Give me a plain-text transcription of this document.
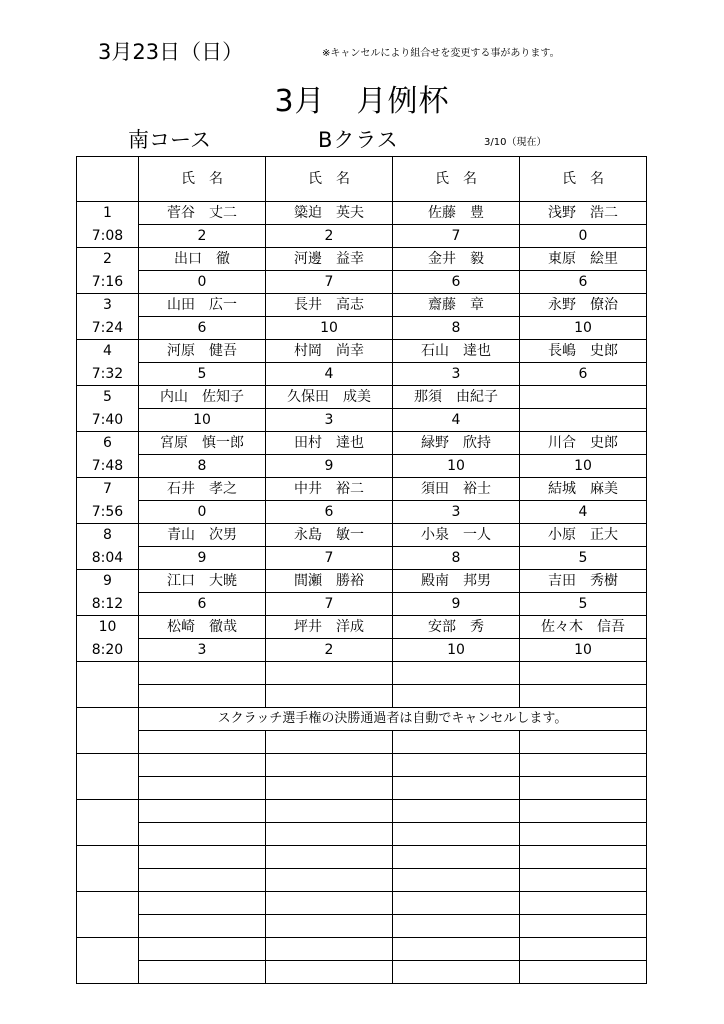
3月23日（日）	※キャンセルにより組合せを変更する事があります。
3月　月例杯
南コース	Bクラス	3/10（現在）
	氏　名	氏　名	氏　名	氏　名
1	菅谷　丈二	簗迫　英夫	佐藤　豊	浅野　浩二
7:08	2	2	7	0
2	出口　徹	河邊　益幸	金井　毅	東原　絵里
7:16	0	7	6	6
3	山田　広一	長井　高志	齋藤　章	永野　僚治
7:24	6	10	8	10
4	河原　健吾	村岡　尚幸	石山　達也	長嶋　史郎
7:32	5	4	3	6
5	内山　佐知子	久保田　成美	那須　由紀子	
7:40	10	3	4	
6	宮原　慎一郎	田村　達也	緑野　欣持	川合　史郎
7:48	8	9	10	10
7	石井　孝之	中井　裕二	須田　裕士	結城　麻美
7:56	0	6	3	4
8	青山　次男	永島　敏一	小泉　一人	小原　正大
8:04	9	7	8	5
9	江口　大暁	間瀬　勝裕	殿南　邦男	吉田　秀樹
8:12	6	7	9	5
10	松崎　徹哉	坪井　洋成	安部　秀	佐々木　信吾
8:20	3	2	10	10

	スクラッチ選手権の決勝通過者は自動でキャンセルします。			
